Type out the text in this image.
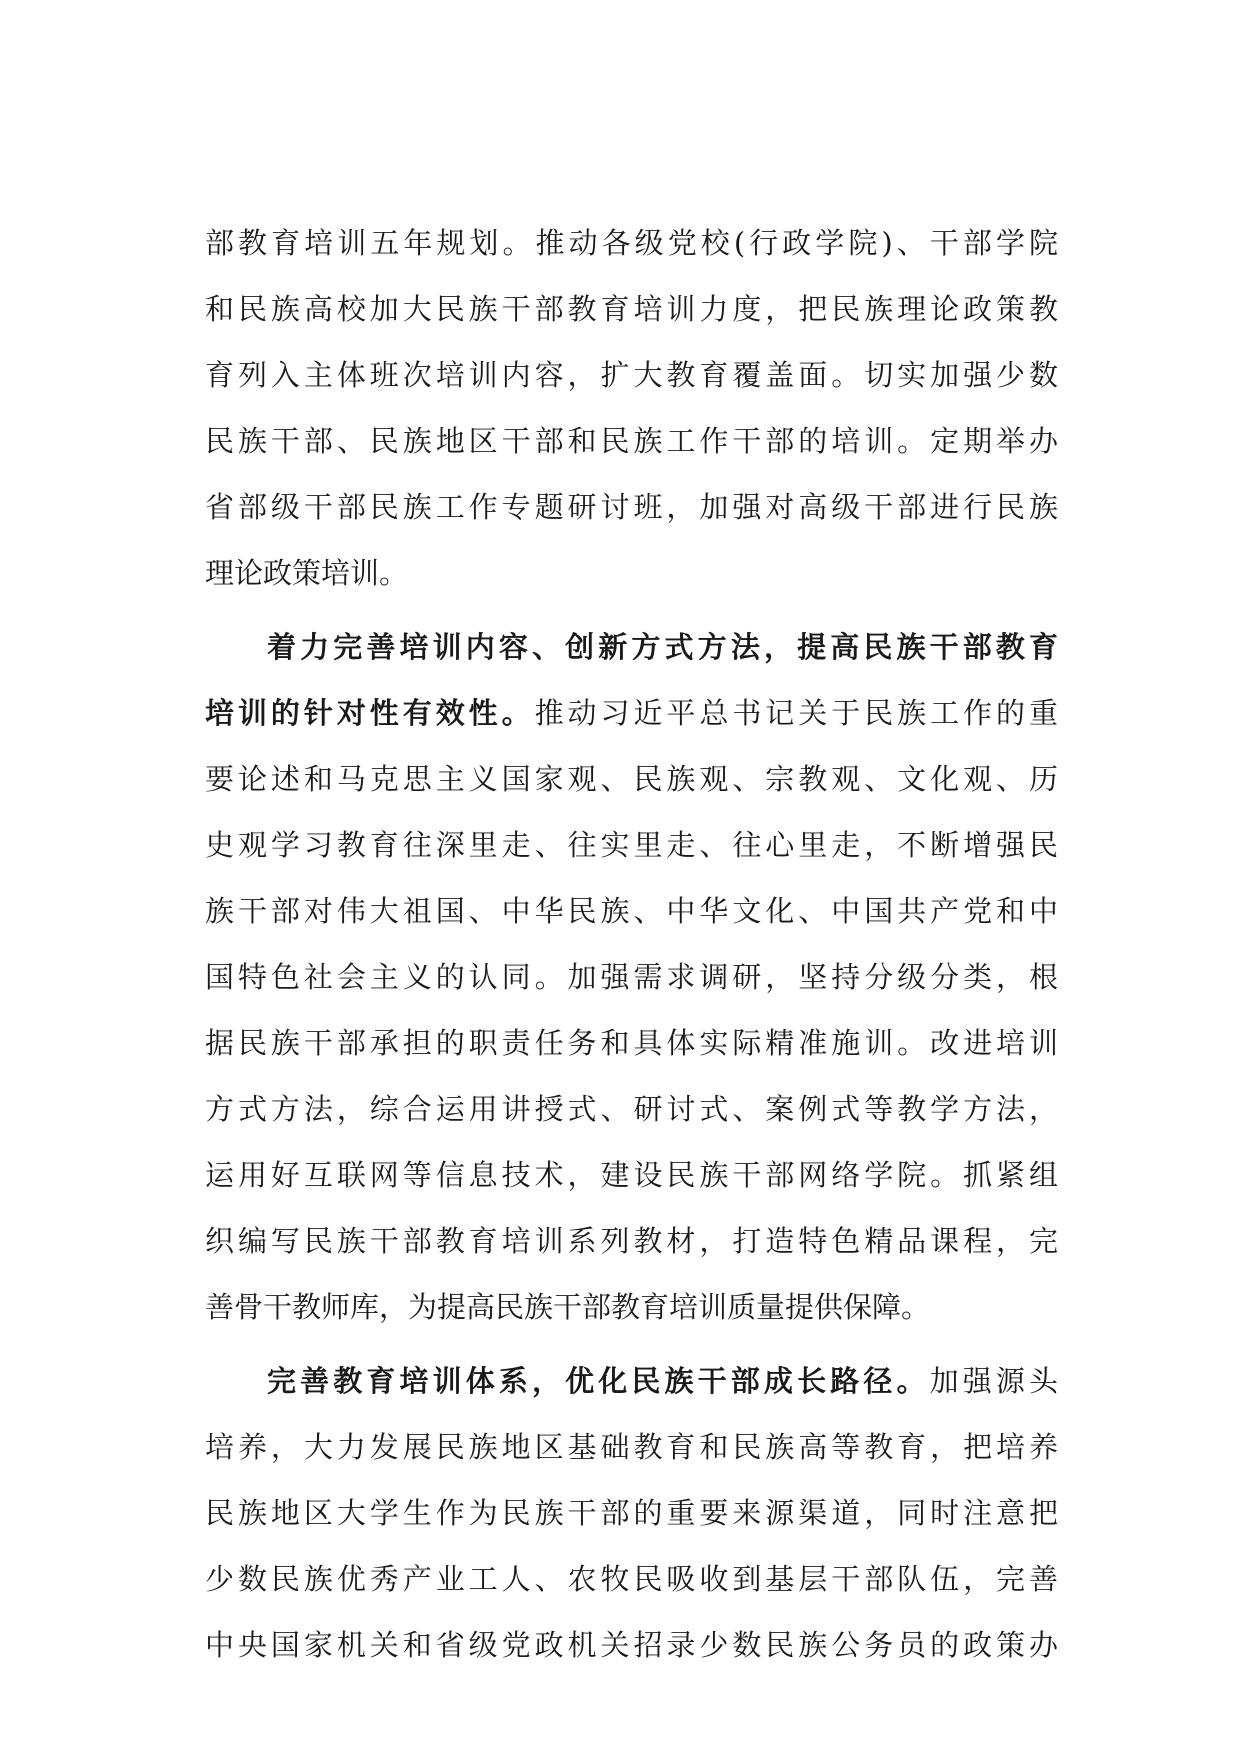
部教育培训五年规划。推动各级党校(行政学院)、干部学院
和民族高校加大民族干部教育培训力度，把民族理论政策教
育列入主体班次培训内容，扩大教育覆盖面。切实加强少数
民族干部、民族地区干部和民族工作干部的培训。定期举办
省部级干部民族工作专题研讨班，加强对高级干部进行民族
理论政策培训。
着力完善培训内容、创新方式方法，提高民族干部教育
培训的针对性有效性。推动习近平总书记关于民族工作的重
要论述和马克思主义国家观、民族观、宗教观、文化观、历
史观学习教育往深里走、往实里走、往心里走，不断增强民
族干部对伟大祖国、中华民族、中华文化、中国共产党和中
国特色社会主义的认同。加强需求调研，坚持分级分类，根
据民族干部承担的职责任务和具体实际精准施训。改进培训
方式方法，综合运用讲授式、研讨式、案例式等教学方法，
运用好互联网等信息技术，建设民族干部网络学院。抓紧组
织编写民族干部教育培训系列教材，打造特色精品课程，完
善骨干教师库，为提高民族干部教育培训质量提供保障。
完善教育培训体系，优化民族干部成长路径。加强源头
培养，大力发展民族地区基础教育和民族高等教育，把培养
民族地区大学生作为民族干部的重要来源渠道，同时注意把
少数民族优秀产业工人、农牧民吸收到基层干部队伍，完善
中央国家机关和省级党政机关招录少数民族公务员的政策办
